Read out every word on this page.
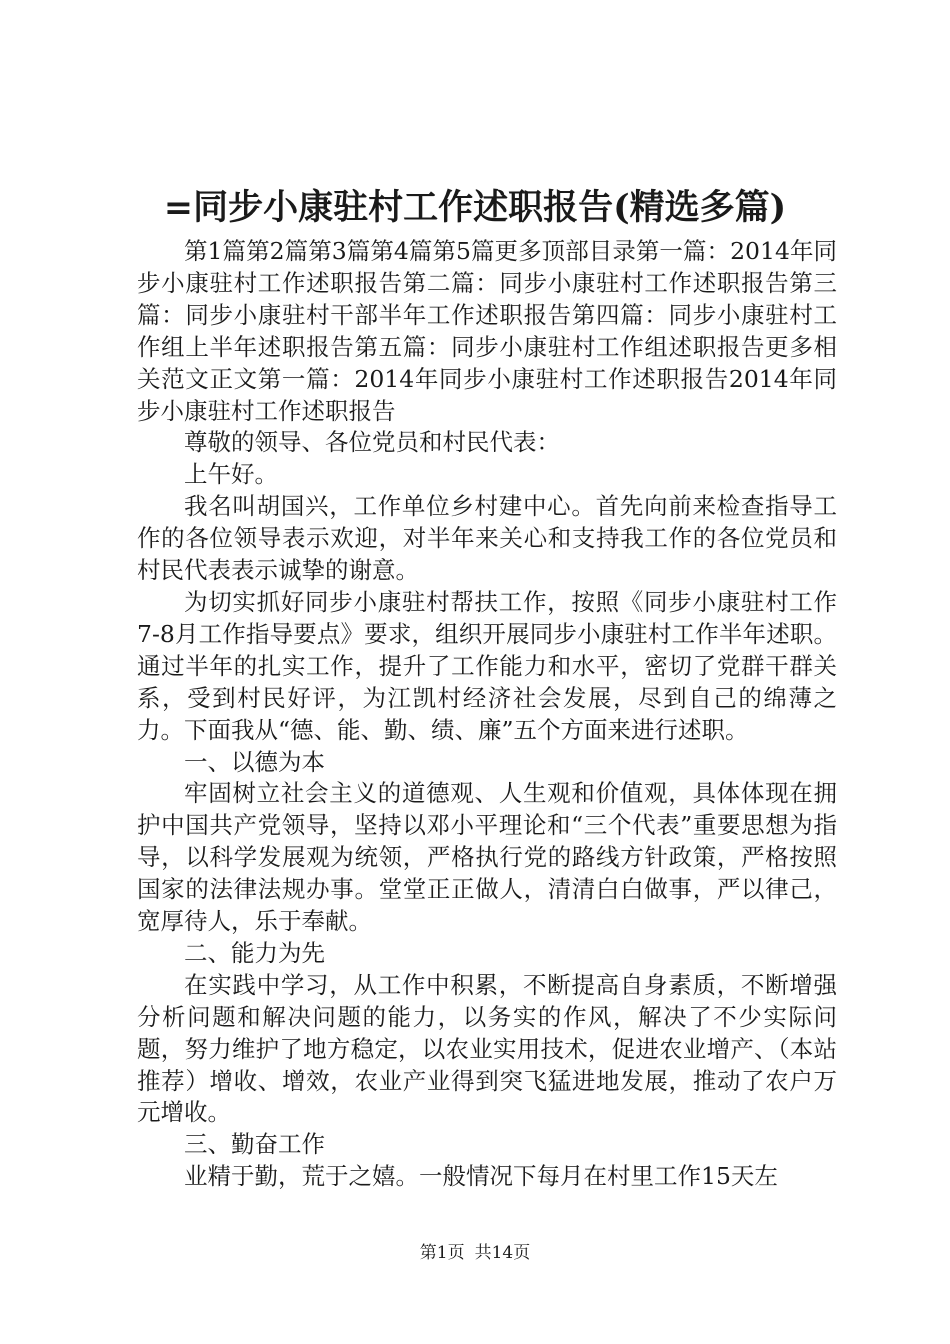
=同步小康驻村工作述职报告(精选多篇)

第1篇第2篇第3篇第4篇第5篇更多顶部目录第一篇：2014年同步小康驻村工作述职报告第二篇：同步小康驻村工作述职报告第三篇：同步小康驻村干部半年工作述职报告第四篇：同步小康驻村工作组上半年述职报告第五篇：同步小康驻村工作组述职报告更多相关范文正文第一篇：2014年同步小康驻村工作述职报告2014年同步小康驻村工作述职报告

尊敬的领导、各位党员和村民代表：

上午好。

我名叫胡国兴，工作单位乡村建中心。首先向前来检查指导工作的各位领导表示欢迎，对半年来关心和支持我工作的各位党员和村民代表表示诚挚的谢意。

为切实抓好同步小康驻村帮扶工作，按照《同步小康驻村工作7-8月工作指导要点》要求，组织开展同步小康驻村工作半年述职。通过半年的扎实工作，提升了工作能力和水平，密切了党群干群关系，受到村民好评，为江凯村经济社会发展，尽到自己的绵薄之力。下面我从“德、能、勤、绩、廉”五个方面来进行述职。

一、以德为本

牢固树立社会主义的道德观、人生观和价值观，具体体现在拥护中国共产党领导，坚持以邓小平理论和“三个代表”重要思想为指导，以科学发展观为统领，严格执行党的路线方针政策，严格按照国家的法律法规办事。堂堂正正做人，清清白白做事，严以律己，宽厚待人，乐于奉献。

二、能力为先

在实践中学习，从工作中积累，不断提高自身素质，不断增强分析问题和解决问题的能力，以务实的作风，解决了不少实际问题，努力维护了地方稳定，以农业实用技术，促进农业增产、（本站推荐）增收、增效，农业产业得到突飞猛进地发展，推动了农户万元增收。

三、勤奋工作

业精于勤，荒于之嬉。一般情况下每月在村里工作15天左

第1页 共14页
